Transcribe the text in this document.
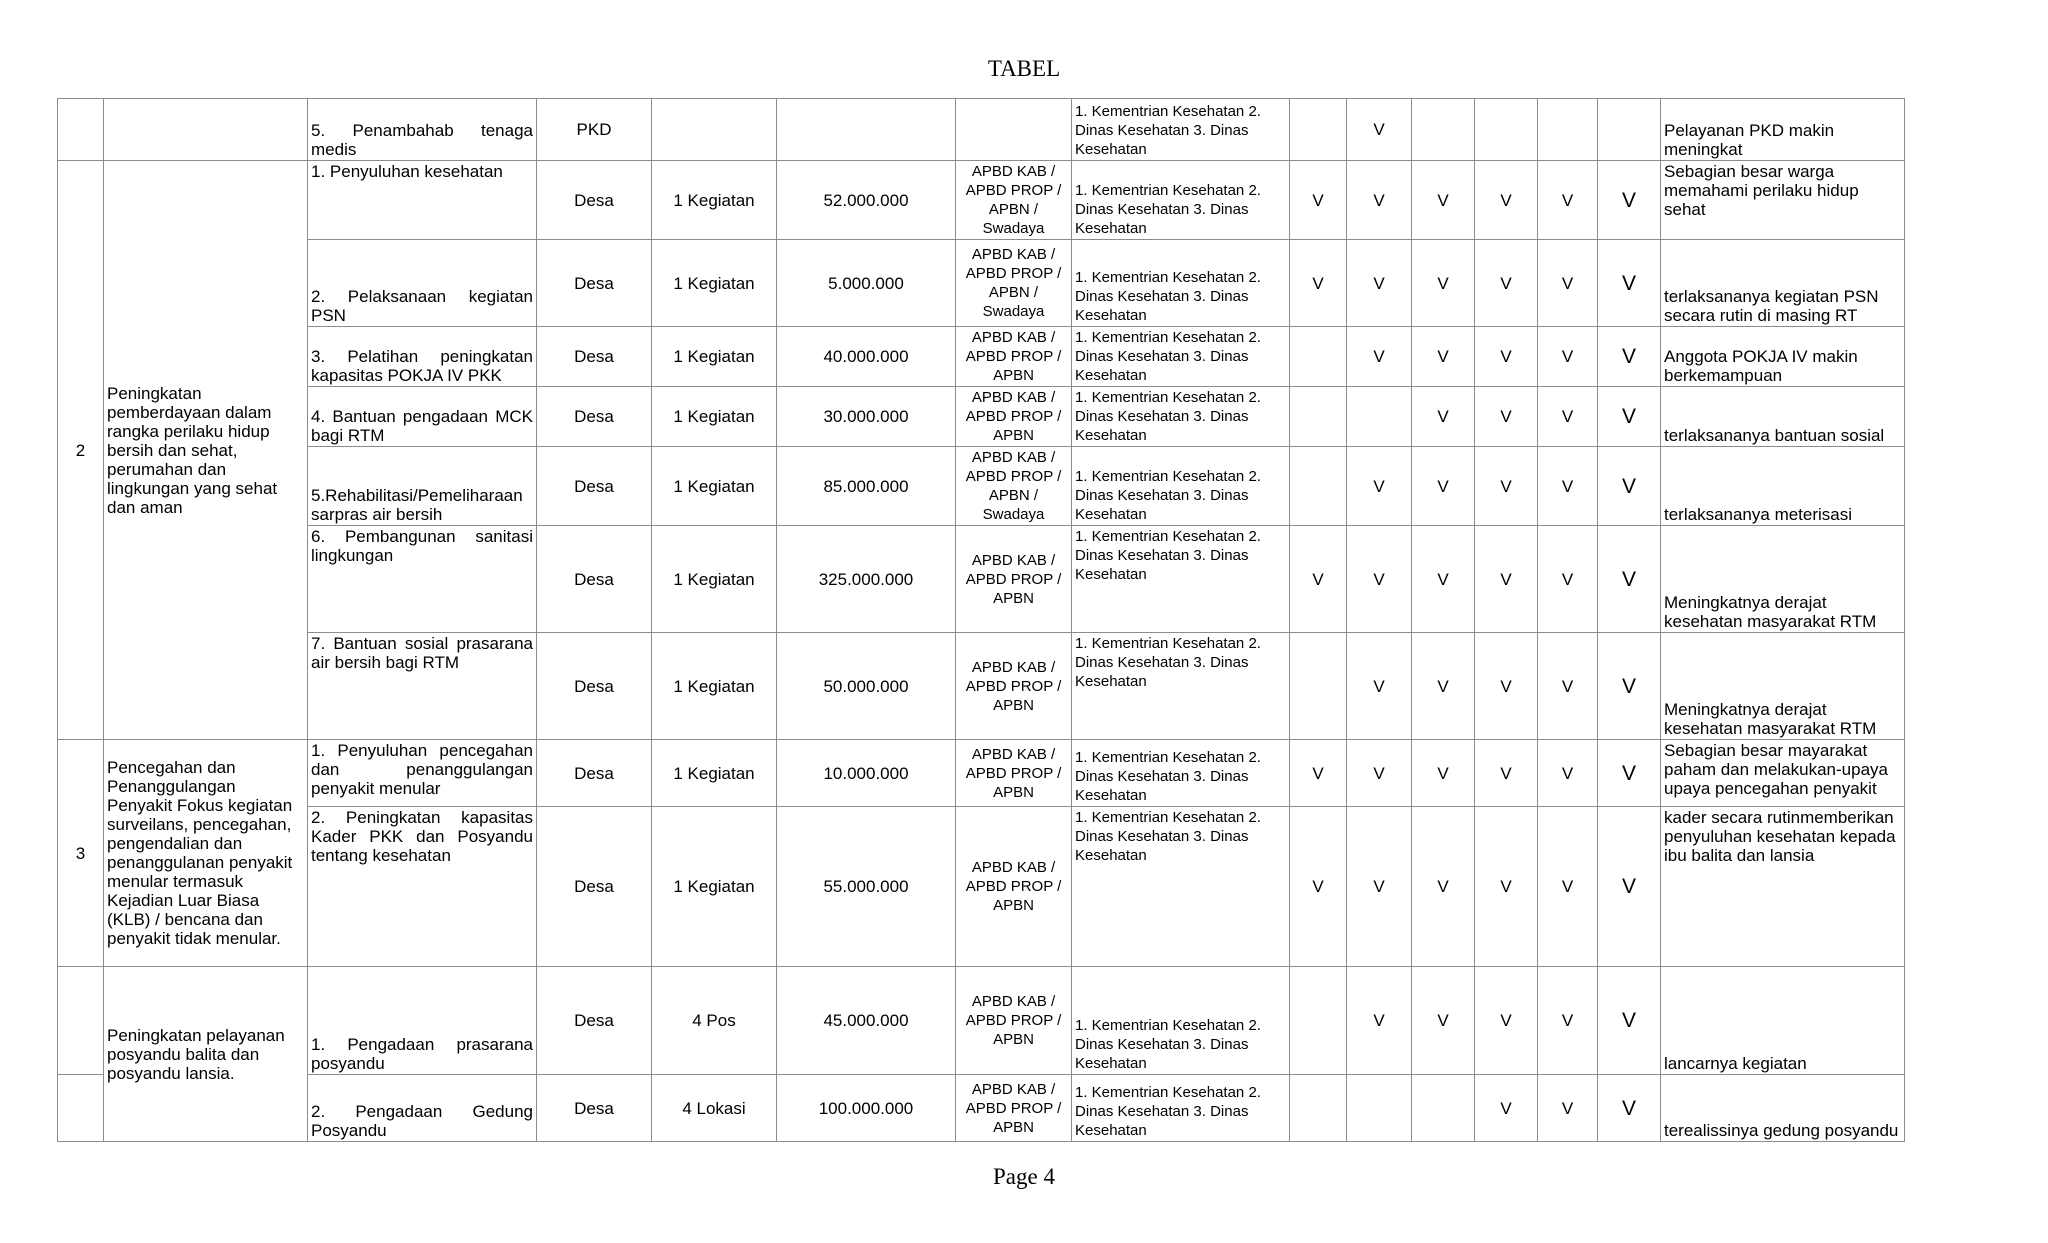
TABEL
		5. Penambahab tenaga medis	PKD				1. Kementrian Kesehatan 2. Dinas Kesehatan 3. Dinas Kesehatan		V					Pelayanan PKD makin meningkat
2	Peningkatan pemberdayaan dalam rangka perilaku hidup bersih dan sehat, perumahan dan lingkungan yang sehat dan aman	1. Penyuluhan kesehatan	Desa	1 Kegiatan	52.000.000	APBD KAB / APBD PROP / APBN / Swadaya	1. Kementrian Kesehatan 2. Dinas Kesehatan 3. Dinas Kesehatan	V	V	V	V	V	V	Sebagian besar warga memahami perilaku hidup sehat
		2. Pelaksanaan kegiatan PSN	Desa	1 Kegiatan	5.000.000	APBD KAB / APBD PROP / APBN / Swadaya	1. Kementrian Kesehatan 2. Dinas Kesehatan 3. Dinas Kesehatan	V	V	V	V	V	V	terlaksananya kegiatan PSN secara rutin di masing RT
		3. Pelatihan peningkatan kapasitas POKJA IV PKK	Desa	1 Kegiatan	40.000.000	APBD KAB / APBD PROP / APBN	1. Kementrian Kesehatan 2. Dinas Kesehatan 3. Dinas Kesehatan		V	V	V	V	V	Anggota POKJA IV makin berkemampuan
		4. Bantuan pengadaan MCK bagi RTM	Desa	1 Kegiatan	30.000.000	APBD KAB / APBD PROP / APBN	1. Kementrian Kesehatan 2. Dinas Kesehatan 3. Dinas Kesehatan			V	V	V	V	terlaksananya bantuan sosial
		5.Rehabilitasi/Pemeliharaan sarpras air bersih	Desa	1 Kegiatan	85.000.000	APBD KAB / APBD PROP / APBN / Swadaya	1. Kementrian Kesehatan 2. Dinas Kesehatan 3. Dinas Kesehatan		V	V	V	V	V	terlaksananya meterisasi
		6. Pembangunan sanitasi lingkungan	Desa	1 Kegiatan	325.000.000	APBD KAB / APBD PROP / APBN	1. Kementrian Kesehatan 2. Dinas Kesehatan 3. Dinas Kesehatan	V	V	V	V	V	V	Meningkatnya derajat kesehatan masyarakat RTM
		7. Bantuan sosial prasarana air bersih bagi RTM	Desa	1 Kegiatan	50.000.000	APBD KAB / APBD PROP / APBN	1. Kementrian Kesehatan 2. Dinas Kesehatan 3. Dinas Kesehatan		V	V	V	V	V	Meningkatnya derajat kesehatan masyarakat RTM
3	Pencegahan dan Penanggulangan Penyakit Fokus kegiatan surveilans, pencegahan, pengendalian dan penanggulanan penyakit menular termasuk Kejadian Luar Biasa (KLB) / bencana dan penyakit tidak menular.	1. Penyuluhan pencegahan dan penanggulangan penyakit menular	Desa	1 Kegiatan	10.000.000	APBD KAB / APBD PROP / APBN	1. Kementrian Kesehatan 2. Dinas Kesehatan 3. Dinas Kesehatan	V	V	V	V	V	V	Sebagian besar mayarakat paham dan melakukan-upaya upaya pencegahan penyakit
		2. Peningkatan kapasitas Kader PKK dan Posyandu tentang kesehatan	Desa	1 Kegiatan	55.000.000	APBD KAB / APBD PROP / APBN	1. Kementrian Kesehatan 2. Dinas Kesehatan 3. Dinas Kesehatan	V	V	V	V	V	V	kader secara rutinmemberikan penyuluhan kesehatan kepada ibu balita dan lansia
	Peningkatan pelayanan posyandu balita dan posyandu lansia.	1. Pengadaan prasarana posyandu	Desa	4 Pos	45.000.000	APBD KAB / APBD PROP / APBN	1. Kementrian Kesehatan 2. Dinas Kesehatan 3. Dinas Kesehatan		V	V	V	V	V	lancarnya kegiatan
		2. Pengadaan Gedung Posyandu	Desa	4 Lokasi	100.000.000	APBD KAB / APBD PROP / APBN	1. Kementrian Kesehatan 2. Dinas Kesehatan 3. Dinas Kesehatan				V	V	V	terealissinya gedung posyandu
Page 4
